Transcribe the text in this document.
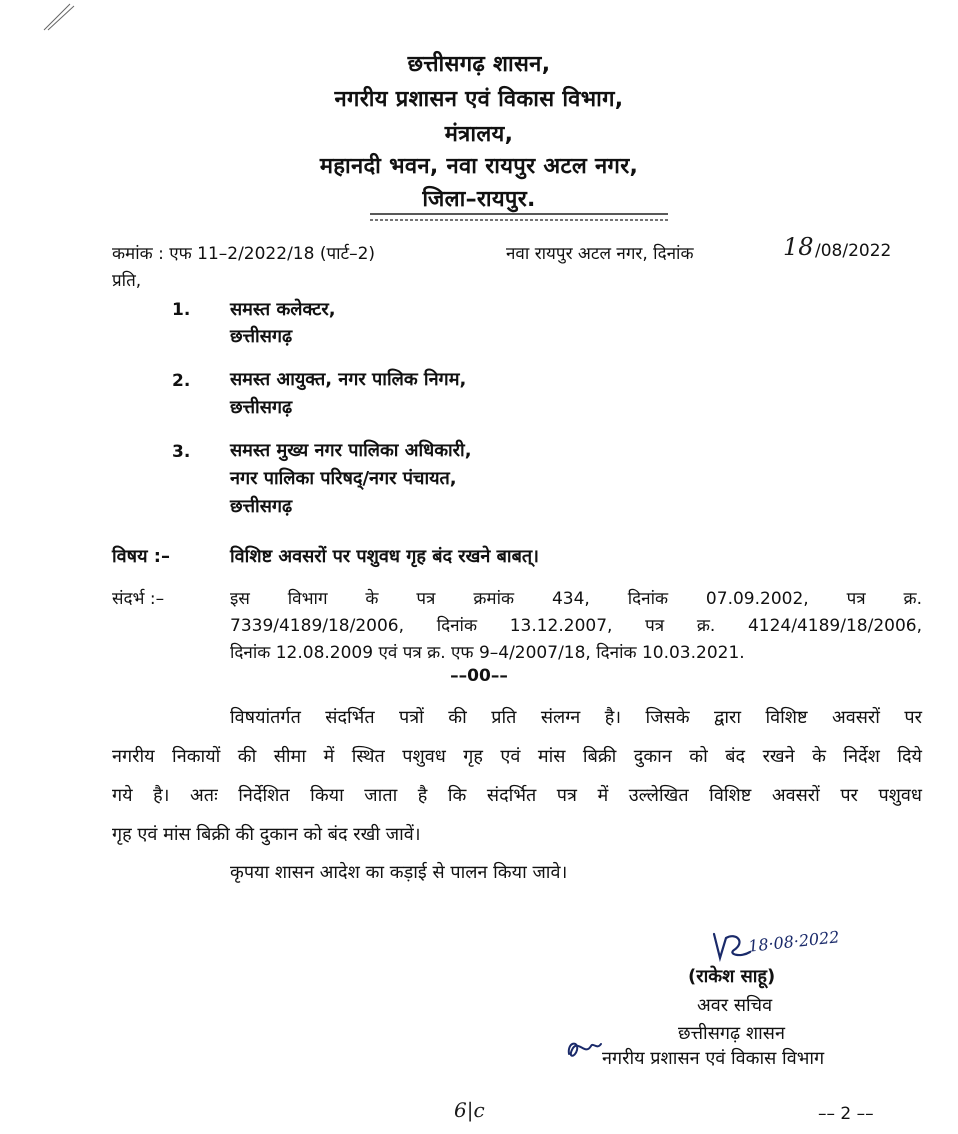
छत्तीसगढ़ शासन,
नगरीय प्रशासन एवं विकास विभाग,
मंत्रालय,
महानदी भवन, नवा रायपुर अटल नगर,
जिला–रायपुर.
कमांक : एफ 11–2/2022/18 (पार्ट–2)	नवा रायपुर अटल नगर, दिनांक	18 /08/2022
प्रति,
1. समस्त कलेक्टर,
छत्तीसगढ़
2. समस्त आयुक्त, नगर पालिक निगम,
छत्तीसगढ़
3. समस्त मुख्य नगर पालिका अधिकारी,
नगर पालिका परिषद्/नगर पंचायत,
छत्तीसगढ़
विषय :–	विशिष्ट अवसरों पर पशुवध गृह बंद रखने बाबत्।
संदर्भ :–	इस विभाग के पत्र क्रमांक 434, दिनांक 07.09.2002, पत्र क्र.
7339/4189/18/2006, दिनांक 13.12.2007, पत्र क्र. 4124/4189/18/2006,
दिनांक 12.08.2009 एवं पत्र क्र. एफ 9–4/2007/18, दिनांक 10.03.2021.
––00––
विषयांतर्गत संदर्भित पत्रों की प्रति संलग्न है। जिसके द्वारा विशिष्ट अवसरों पर
नगरीय निकायों की सीमा में स्थित पशुवध गृह एवं मांस बिक्री दुकान को बंद रखने के निर्देश दिये
गये है। अतः निर्देशित किया जाता है कि संदर्भित पत्र में उल्लेखित विशिष्ट अवसरों पर पशुवध
गृह एवं मांस बिक्री की दुकान को बंद रखी जावें।
कृपया शासन आदेश का कड़ाई से पालन किया जावे।
18·08·2022
(राकेश साहू)
अवर सचिव
छत्तीसगढ़ शासन
नगरीय प्रशासन एवं विकास विभाग
6|c	–– 2 ––
